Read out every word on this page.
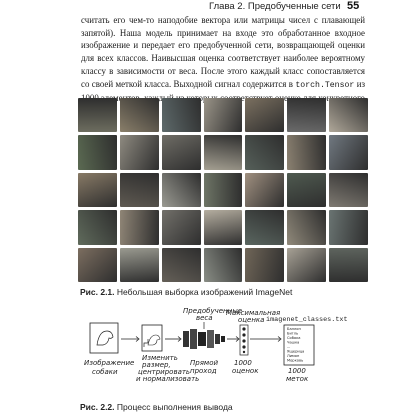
Глава 2. Предобученные сети 55

считать его чем-то наподобие вектора или матрицы чисел с плавающей запятой). Наша модель принимает на входе это обработанное входное изображение и передает его предобученной сети, возвращающей оценки для всех классов. Наивысшая оценка соответствует наиболее вероятному классу в зависимости от веса. После этого каждый класс сопоставляется со своей меткой класса. Выходной сигнал содержится в torch.Tensor из каждый которых

Рис. 2.1. Небольшая выборка изображений ImageNet
Изображение
собаки
Изменить
размер,
центрировать
и нормализовать
Предобученные
веса
Прямой
проход
Максимальная
оценка
1000
оценок
imagenet_classes.txt
Баллон
Бигль
Собака
Чашка
...
Ящерица
Лимон
Морковь
1000
меток
Рис. 2.2. Процесс выполнения вывода
